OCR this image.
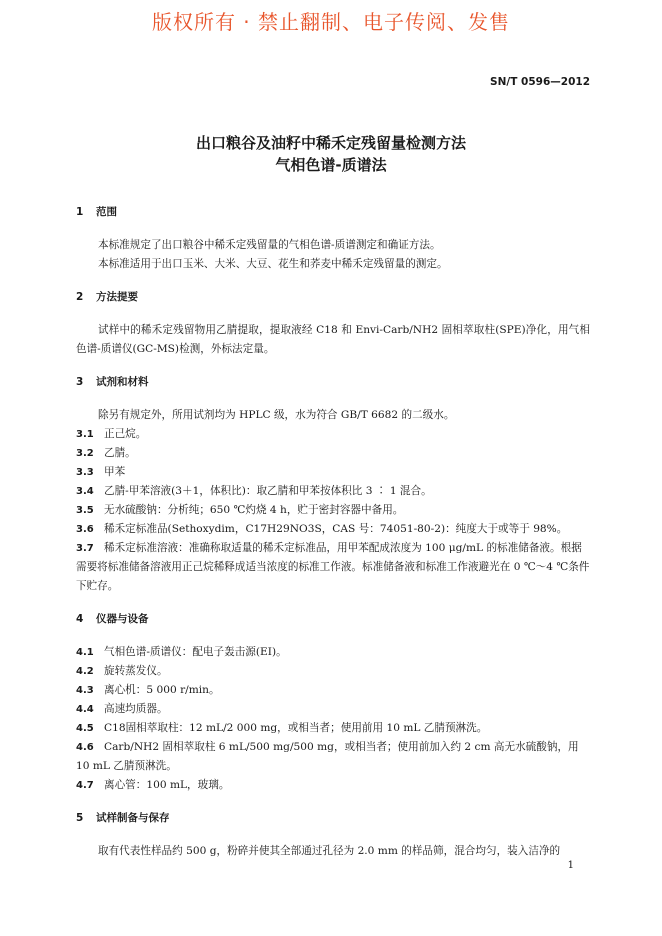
版权所有 · 禁止翻制、电子传阅、发售
SN/T 0596—2012
出口粮谷及油籽中稀禾定残留量检测方法
气相色谱-质谱法
1 范围
本标准规定了出口粮谷中稀禾定残留量的气相色谱-质谱测定和确证方法。
本标准适用于出口玉米、大米、大豆、花生和荞麦中稀禾定残留量的测定。
2 方法提要
试样中的稀禾定残留物用乙腈提取，提取液经 C18 和 Envi-Carb/NH2 固相萃取柱(SPE)净化，用气相色谱-质谱仪(GC-MS)检测，外标法定量。
3 试剂和材料
除另有规定外，所用试剂均为 HPLC 级，水为符合 GB/T 6682 的二级水。
3.1 正己烷。
3.2 乙腈。
3.3 甲苯
3.4 乙腈-甲苯溶液(3＋1，体积比)：取乙腈和甲苯按体积比 3 ∶ 1 混合。
3.5 无水硫酸钠：分析纯；650 ℃灼烧 4 h，贮于密封容器中备用。
3.6 稀禾定标准品(Sethoxydim，C17H29NO3S，CAS 号：74051-80-2)：纯度大于或等于 98%。
3.7 稀禾定标准溶液：准确称取适量的稀禾定标准品，用甲苯配成浓度为 100 μg/mL 的标准储备液。根据需要将标准储备溶液用正己烷稀释成适当浓度的标准工作液。标准储备液和标准工作液避光在 0 ℃～4 ℃条件下贮存。
4 仪器与设备
4.1 气相色谱-质谱仪：配电子轰击源(EI)。
4.2 旋转蒸发仪。
4.3 离心机：5 000 r/min。
4.4 高速均质器。
4.5 C18固相萃取柱：12 mL/2 000 mg，或相当者；使用前用 10 mL 乙腈预淋洗。
4.6 Carb/NH2 固相萃取柱 6 mL/500 mg/500 mg，或相当者；使用前加入约 2 cm 高无水硫酸钠，用 10 mL 乙腈预淋洗。
4.7 离心管：100 mL，玻璃。
5 试样制备与保存
取有代表性样品约 500 g，粉碎并使其全部通过孔径为 2.0 mm 的样品筛，混合均匀，装入洁净的
1
